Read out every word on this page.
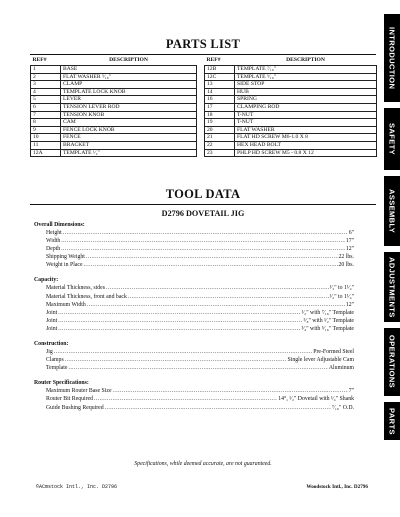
PARTS LIST
REF#	DESCRIPTION		REF#	DESCRIPTION
1	BASE		12B	TEMPLATE ⁷⁄₁₆"
2	FLAT WASHER ⁵⁄₁₆"		12C	TEMPLATE ⁵⁄₁₆"
3	CLAMP		13	SIDE STOP
4	TEMPLATE LOCK KNOB		14	HUB
5	LEVER		16	SPRING
6	TENSION LEVER ROD		17	CLAMPING ROD
7	TENSION KNOB		18	T-NUT
8	CAM		19	T-NUT
9	FENCE LOCK KNOB		20	FLAT WASHER
10	FENCE		21	FLAT HD SCREW M6-1.0 X 8
11	BRACKET		22	HEX HEAD BOLT
12A	TEMPLATE ¹⁄₂"		23	PHLP HD SCREW M5 - 0.8 X 12
TOOL DATA
D2796 DOVETAIL JIG
Overall Dimensions:
Height .....	6"
Width .....	17"
Depth .....	12"
Shipping Weight .....	22 lbs.
Weight in Place .....	20 lbs.
Capacity:
Material Thickness, sides .....	¹⁄₂" to 1¹⁄₄"
Material Thickness, front and back .....	¹⁄₂" to 1¹⁄₄"
Maximum Width .....	12"
Joint .....	¹⁄₂" with ⁷⁄₁₆" Template
Joint .....	⁵⁄₈" with ¹⁄₂" Template
Joint .....	³⁄₄" with ⁵⁄₁₆" Template
Construction:
Jig .....	Pre-Formed Steel
Clamps .....	Single lever Adjustable Cam
Template .....	Aluminum
Router Specifications:
Maximum Router Base Size .....	7"
Router Bit Required .....	14°, ¹⁄₂" Dovetail with ¹⁄₄" Shank
Guide Bushing Required .....	⁷⁄₁₆" O.D.
Specifications, while deemed accurate, are not guaranteed.
©ACmstock Intl., Inc. D2796	Woodstock Intl., Inc. D2796
INTRODUCTION
SAFETY
ASSEMBLY
ADJUSTMENTS
OPERATIONS
PARTS
